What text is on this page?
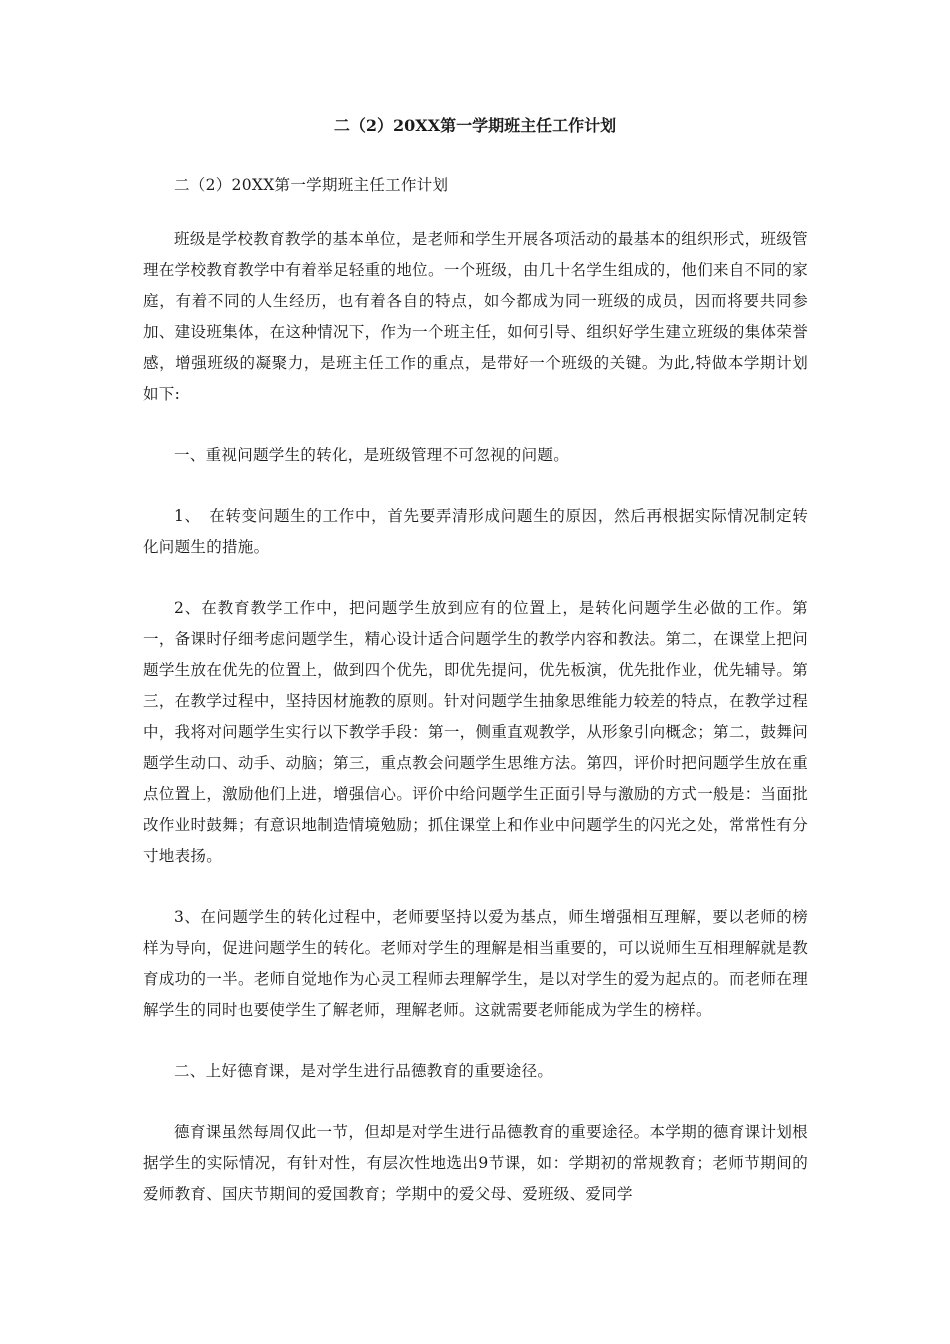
二（2）20XX第一学期班主任工作计划

二（2）20XX第一学期班主任工作计划

班级是学校教育教学的基本单位，是老师和学生开展各项活动的最基本的组织形式，班级管理在学校教育教学中有着举足轻重的地位。一个班级，由几十名学生组成的，他们来自不同的家庭，有着不同的人生经历，也有着各自的特点，如今都成为同一班级的成员，因而将要共同参加、建设班集体，在这种情况下，作为一个班主任，如何引导、组织好学生建立班级的集体荣誉感，增强班级的凝聚力，是班主任工作的重点，是带好一个班级的关键。为此,特做本学期计划如下:

一、重视问题学生的转化，是班级管理不可忽视的问题。

1、　在转变问题生的工作中，首先要弄清形成问题生的原因，然后再根据实际情况制定转化问题生的措施。

2、在教育教学工作中，把问题学生放到应有的位置上，是转化问题学生必做的工作。第一，备课时仔细考虑问题学生，精心设计适合问题学生的教学内容和教法。第二，在课堂上把问题学生放在优先的位置上，做到四个优先，即优先提问，优先板演，优先批作业，优先辅导。第三，在教学过程中，坚持因材施教的原则。针对问题学生抽象思维能力较差的特点，在教学过程中，我将对问题学生实行以下教学手段：第一，侧重直观教学，从形象引向概念；第二，鼓舞问题学生动口、动手、动脑；第三，重点教会问题学生思维方法。第四，评价时把问题学生放在重点位置上，激励他们上进，增强信心。评价中给问题学生正面引导与激励的方式一般是：当面批改作业时鼓舞；有意识地制造情境勉励；抓住课堂上和作业中问题学生的闪光之处，常常性有分寸地表扬。

3、在问题学生的转化过程中，老师要坚持以爱为基点，师生增强相互理解，要以老师的榜样为导向，促进问题学生的转化。老师对学生的理解是相当重要的，可以说师生互相理解就是教育成功的一半。老师自觉地作为心灵工程师去理解学生，是以对学生的爱为起点的。而老师在理解学生的同时也要使学生了解老师，理解老师。这就需要老师能成为学生的榜样。

二、上好德育课，是对学生进行品德教育的重要途径。

德育课虽然每周仅此一节，但却是对学生进行品德教育的重要途径。本学期的德育课计划根据学生的实际情况，有针对性，有层次性地选出9节课，如：学期初的常规教育；老师节期间的爱师教育、国庆节期间的爱国教育；学期中的爱父母、爱班级、爱同学
